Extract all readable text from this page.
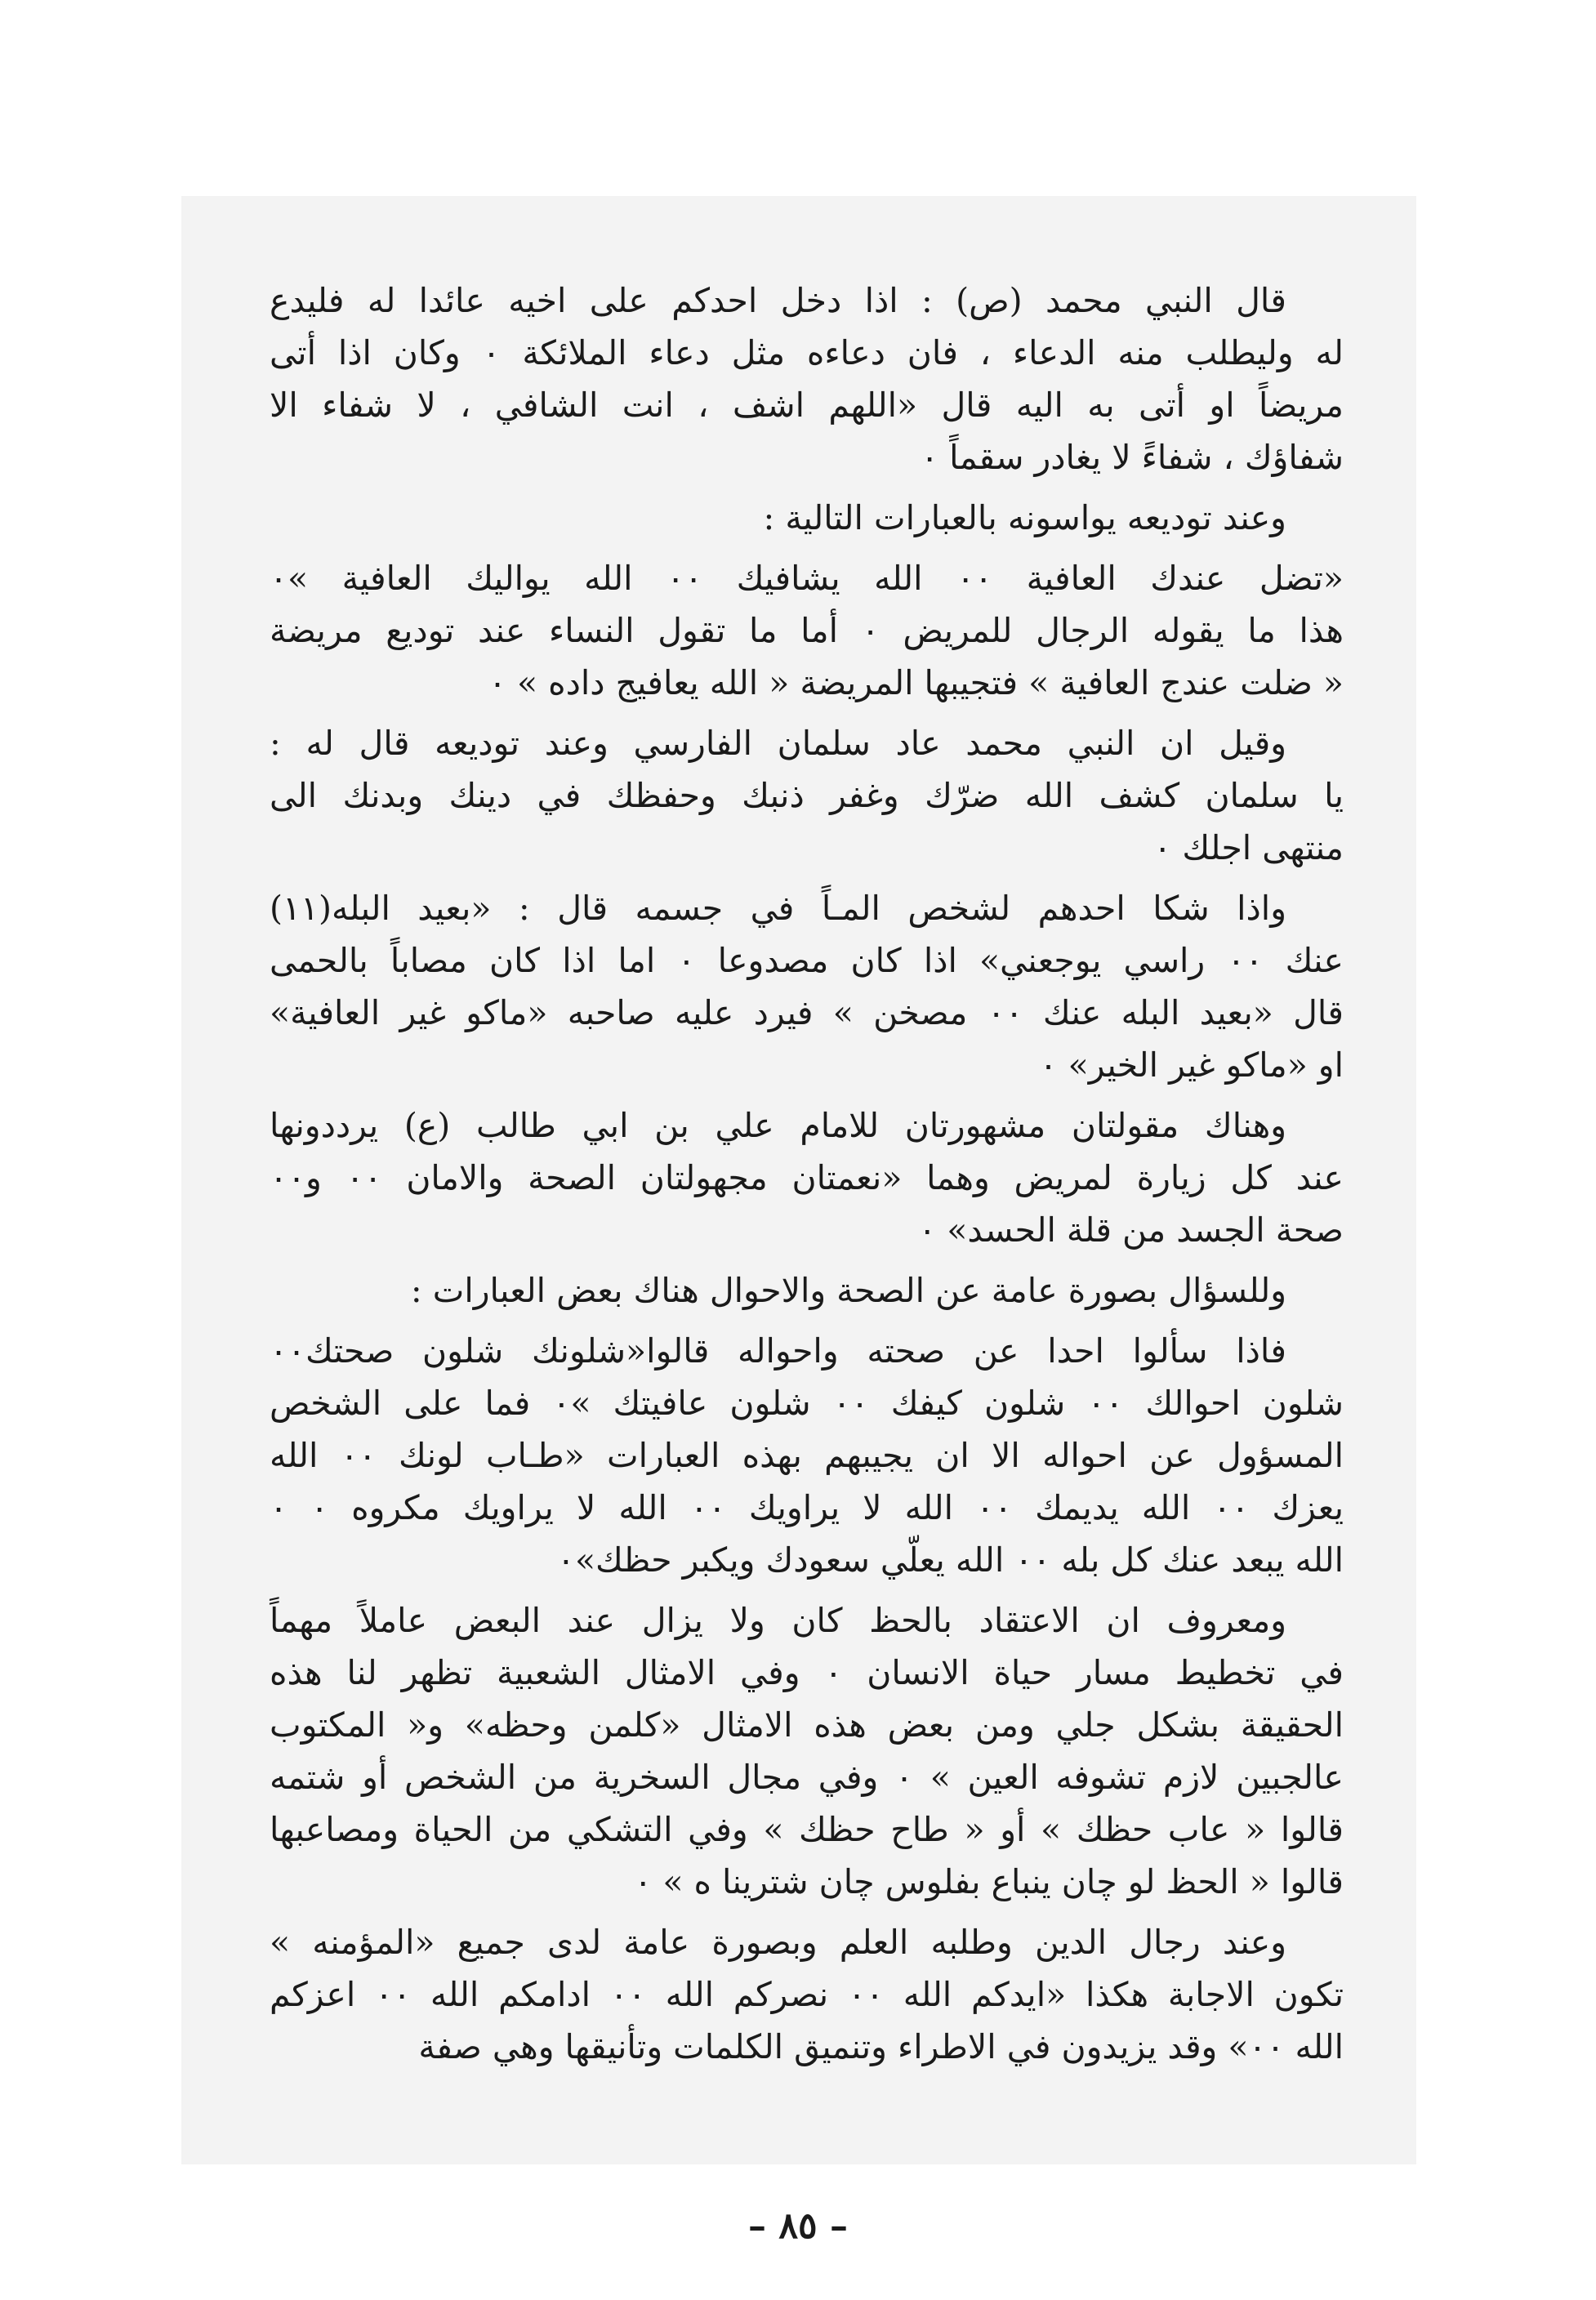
قال النبي محمد (ص) : اذا دخل احدكم على اخيه عائدا له فليدع
له وليطلب منه الدعاء ، فان دعاءه مثل دعاء الملائكة ٠ وكان اذا أتى
مريضاً او أتى به اليه قال «اللهم اشف ، انت الشافي ، لا شفاء الا
شفاؤك ، شفاءً لا يغادر سقماً ٠

وعند توديعه يواسونه بالعبارات التالية :

«تضل عندك العافية ٠٠ الله يشافيك ٠٠ الله يواليك العافية »٠
هذا ما يقوله الرجال للمريض ٠ أما ما تقول النساء عند توديع مريضة
« ضلت عندج العافية » فتجيبها المريضة « الله يعافيج داده » ٠

وقيل ان النبي محمد عاد سلمان الفارسي وعند توديعه قال له :
يا سلمان كشف الله ضرّك وغفر ذنبك وحفظك في دينك وبدنك الى
منتهى اجلك ٠

واذا شكا احدهم لشخص المـاً في جسمه قال : «بعيد البله(١١)
عنك ٠٠ راسي يوجعني» اذا كان مصدوعا ٠ اما اذا كان مصاباً بالحمى
قال «بعيد البله عنك ٠٠ مصخن » فيرد عليه صاحبه «ماكو غير العافية»
او «ماكو غير الخير» ٠

وهناك مقولتان مشهورتان للامام علي بن ابي طالب (ع) يرددونها
عند كل زيارة لمريض وهما «نعمتان مجهولتان الصحة والامان ٠٠ و٠٠
صحة الجسد من قلة الحسد» ٠

وللسؤال بصورة عامة عن الصحة والاحوال هناك بعض العبارات :

فاذا سألوا احدا عن صحته واحواله قالوا«شلونك شلون صحتك٠٠
شلون احوالك ٠٠ شلون كيفك ٠٠ شلون عافيتك »٠ فما على الشخص
المسؤول عن احواله الا ان يجيبهم بهذه العبارات «طـاب لونك ٠٠ الله
يعزك ٠٠ الله يديمك ٠٠ الله لا يراويك ٠٠ الله لا يراويك مكروه ٠ ٠
الله يبعد عنك كل بله ٠٠ الله يعلّي سعودك ويكبر حظك»٠

ومعروف ان الاعتقاد بالحظ كان ولا يزال عند البعض عاملاً مهماً
في تخطيط مسار حياة الانسان ٠ وفي الامثال الشعبية تظهر لنا هذه
الحقيقة بشكل جلي ومن بعض هذه الامثال «كلمن وحظه» و« المكتوب
عالجبين لازم تشوفه العين » ٠ وفي مجال السخرية من الشخص أو شتمه
قالوا « عاب حظك » أو « طاح حظك » وفي التشكي من الحياة ومصاعبها
قالوا « الحظ لو چان ينباع بفلوس چان شترينا ه » ٠

وعند رجال الدين وطلبه العلم وبصورة عامة لدى جميع «المؤمنه »
تكون الاجابة هكذا «ايدكم الله ٠٠ نصركم الله ٠٠ ادامكم الله ٠٠ اعزكم
الله ٠٠» وقد يزيدون في الاطراء وتنميق الكلمات وتأنيقها وهي صفة

– ٨٥ –
